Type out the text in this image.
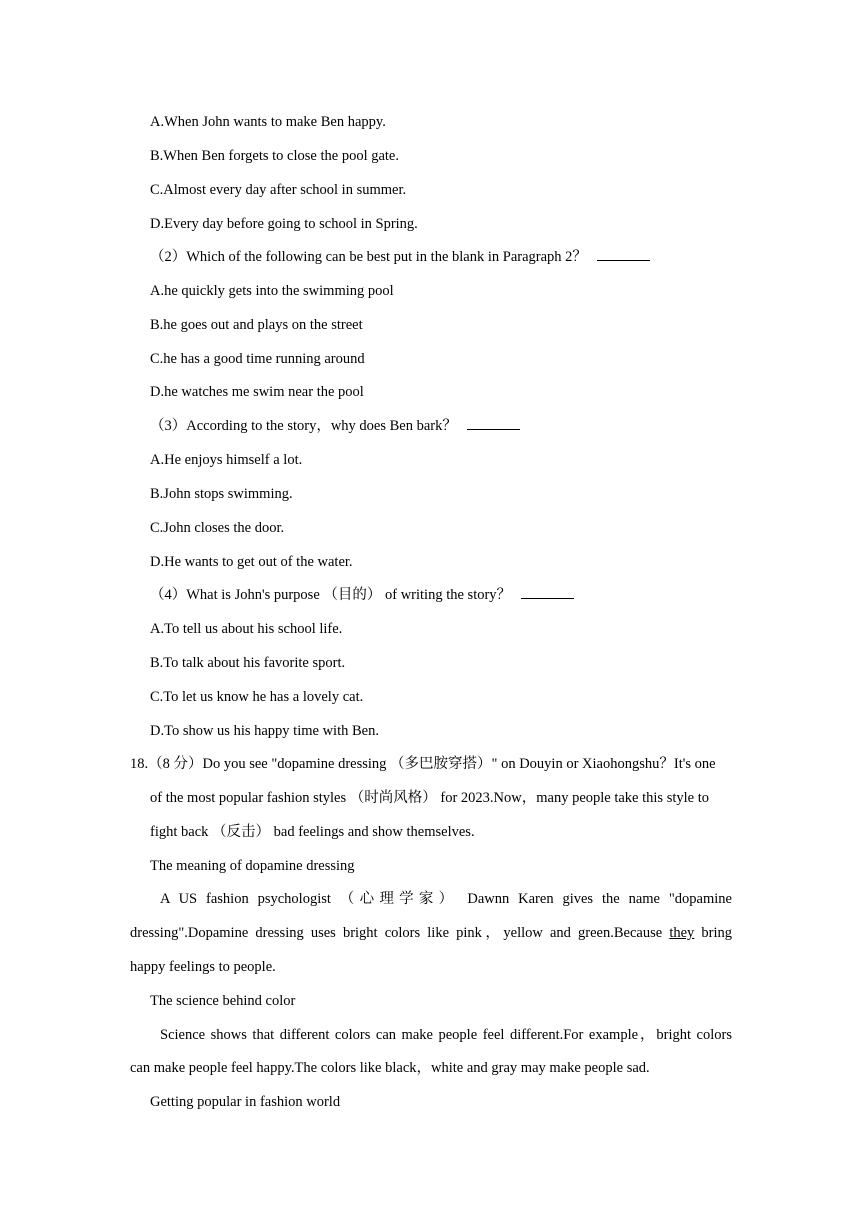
A.When John wants to make Ben happy.
B.When Ben forgets to close the pool gate.
C.Almost every day after school in summer.
D.Every day before going to school in Spring.
（2）Which of the following can be best put in the blank in Paragraph 2？
A.he quickly gets into the swimming pool
B.he goes out and plays on the street
C.he has a good time running around
D.he watches me swim near the pool
（3）According to the story，why does Ben bark？
A.He enjoys himself a lot.
B.John stops swimming.
C.John closes the door.
D.He wants to get out of the water.
（4）What is John's purpose （目的） of writing the story？
A.To tell us about his school life.
B.To talk about his favorite sport.
C.To let us know he has a lovely cat.
D.To show us his happy time with Ben.
18.（8 分）Do you see "dopamine dressing （多巴胺穿搭）" on Douyin or Xiaohongshu？It's one
of the most popular fashion styles （时尚风格） for 2023.Now，many people take this style to
fight back （反击） bad feelings and show themselves.
The meaning of dopamine dressing
A US fashion psychologist （心理学家） Dawnn Karen gives the name "dopamine
dressing".Dopamine dressing uses bright colors like pink，yellow and green.Because they bring
happy feelings to people.
The science behind color
Science shows that different colors can make people feel different.For example，bright colors
can make people feel happy.The colors like black，white and gray may make people sad.
Getting popular in fashion world
